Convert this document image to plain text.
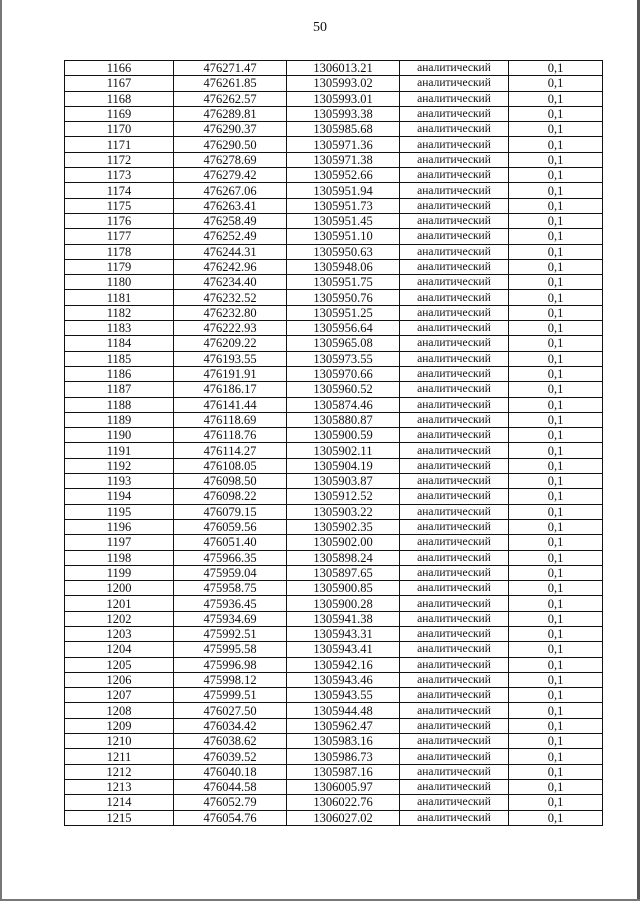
50
1166	476271.47	1306013.21	аналитический	0,1
1167	476261.85	1305993.02	аналитический	0,1
1168	476262.57	1305993.01	аналитический	0,1
1169	476289.81	1305993.38	аналитический	0,1
1170	476290.37	1305985.68	аналитический	0,1
1171	476290.50	1305971.36	аналитический	0,1
1172	476278.69	1305971.38	аналитический	0,1
1173	476279.42	1305952.66	аналитический	0,1
1174	476267.06	1305951.94	аналитический	0,1
1175	476263.41	1305951.73	аналитический	0,1
1176	476258.49	1305951.45	аналитический	0,1
1177	476252.49	1305951.10	аналитический	0,1
1178	476244.31	1305950.63	аналитический	0,1
1179	476242.96	1305948.06	аналитический	0,1
1180	476234.40	1305951.75	аналитический	0,1
1181	476232.52	1305950.76	аналитический	0,1
1182	476232.80	1305951.25	аналитический	0,1
1183	476222.93	1305956.64	аналитический	0,1
1184	476209.22	1305965.08	аналитический	0,1
1185	476193.55	1305973.55	аналитический	0,1
1186	476191.91	1305970.66	аналитический	0,1
1187	476186.17	1305960.52	аналитический	0,1
1188	476141.44	1305874.46	аналитический	0,1
1189	476118.69	1305880.87	аналитический	0,1
1190	476118.76	1305900.59	аналитический	0,1
1191	476114.27	1305902.11	аналитический	0,1
1192	476108.05	1305904.19	аналитический	0,1
1193	476098.50	1305903.87	аналитический	0,1
1194	476098.22	1305912.52	аналитический	0,1
1195	476079.15	1305903.22	аналитический	0,1
1196	476059.56	1305902.35	аналитический	0,1
1197	476051.40	1305902.00	аналитический	0,1
1198	475966.35	1305898.24	аналитический	0,1
1199	475959.04	1305897.65	аналитический	0,1
1200	475958.75	1305900.85	аналитический	0,1
1201	475936.45	1305900.28	аналитический	0,1
1202	475934.69	1305941.38	аналитический	0,1
1203	475992.51	1305943.31	аналитический	0,1
1204	475995.58	1305943.41	аналитический	0,1
1205	475996.98	1305942.16	аналитический	0,1
1206	475998.12	1305943.46	аналитический	0,1
1207	475999.51	1305943.55	аналитический	0,1
1208	476027.50	1305944.48	аналитический	0,1
1209	476034.42	1305962.47	аналитический	0,1
1210	476038.62	1305983.16	аналитический	0,1
1211	476039.52	1305986.73	аналитический	0,1
1212	476040.18	1305987.16	аналитический	0,1
1213	476044.58	1306005.97	аналитический	0,1
1214	476052.79	1306022.76	аналитический	0,1
1215	476054.76	1306027.02	аналитический	0,1
